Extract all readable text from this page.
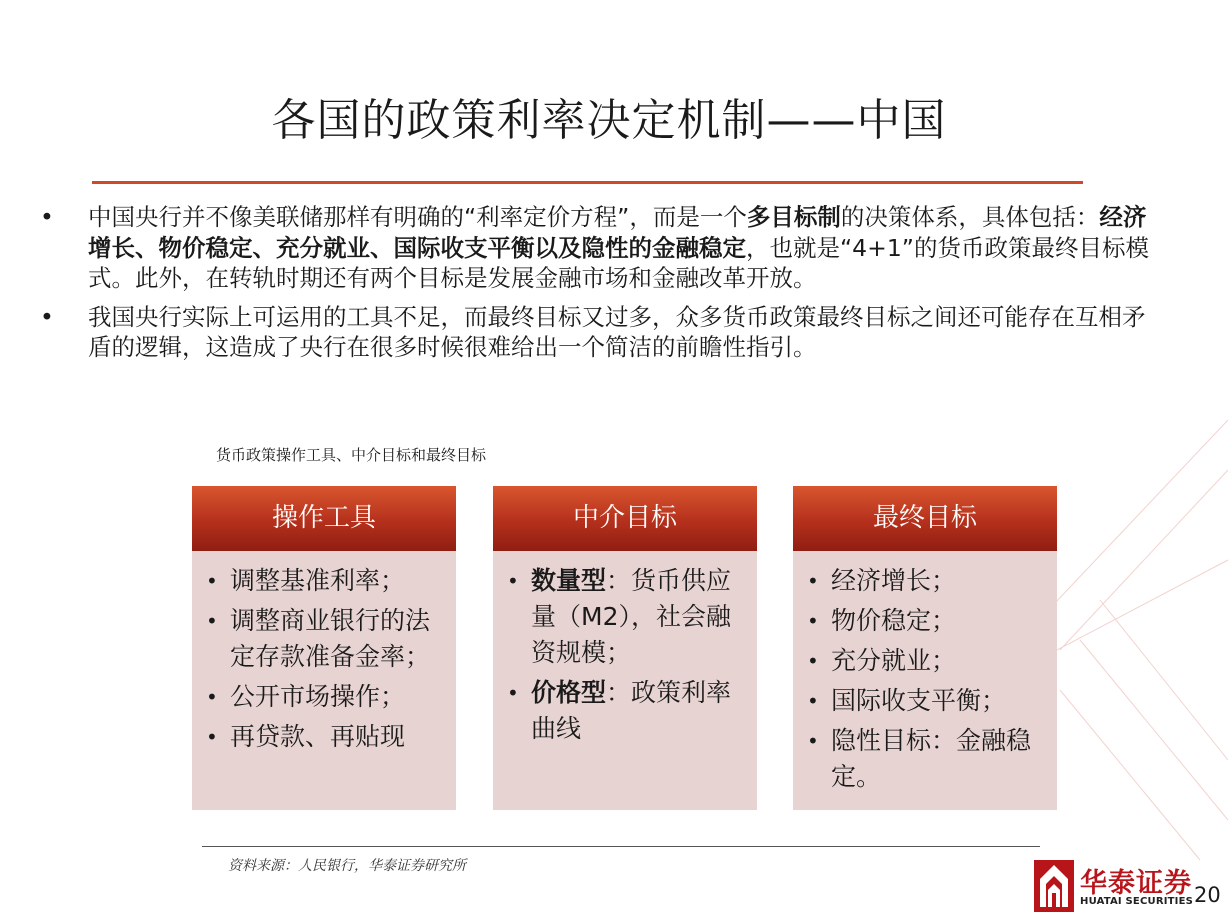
各国的政策利率决定机制——中国
• 中国央行并不像美联储那样有明确的“利率定价方程”，而是一个多目标制的决策体系，具体包括：经济增长、物价稳定、充分就业、国际收支平衡以及隐性的金融稳定，也就是“4+1”的货币政策最终目标模式。此外，在转轨时期还有两个目标是发展金融市场和金融改革开放。
• 我国央行实际上可运用的工具不足，而最终目标又过多，众多货币政策最终目标之间还可能存在互相矛盾的逻辑，这造成了央行在很多时候很难给出一个简洁的前瞻性指引。
货币政策操作工具、中介目标和最终目标
操作工具
• 调整基准利率；
• 调整商业银行的法定存款准备金率；
• 公开市场操作；
• 再贷款、再贴现
中介目标
• 数量型：货币供应量（M2），社会融资规模；
• 价格型：政策利率曲线
最终目标
• 经济增长；
• 物价稳定；
• 充分就业；
• 国际收支平衡；
• 隐性目标：金融稳定。
资料来源：人民银行，华泰证券研究所
华泰证券
HUATAI SECURITIES 20
